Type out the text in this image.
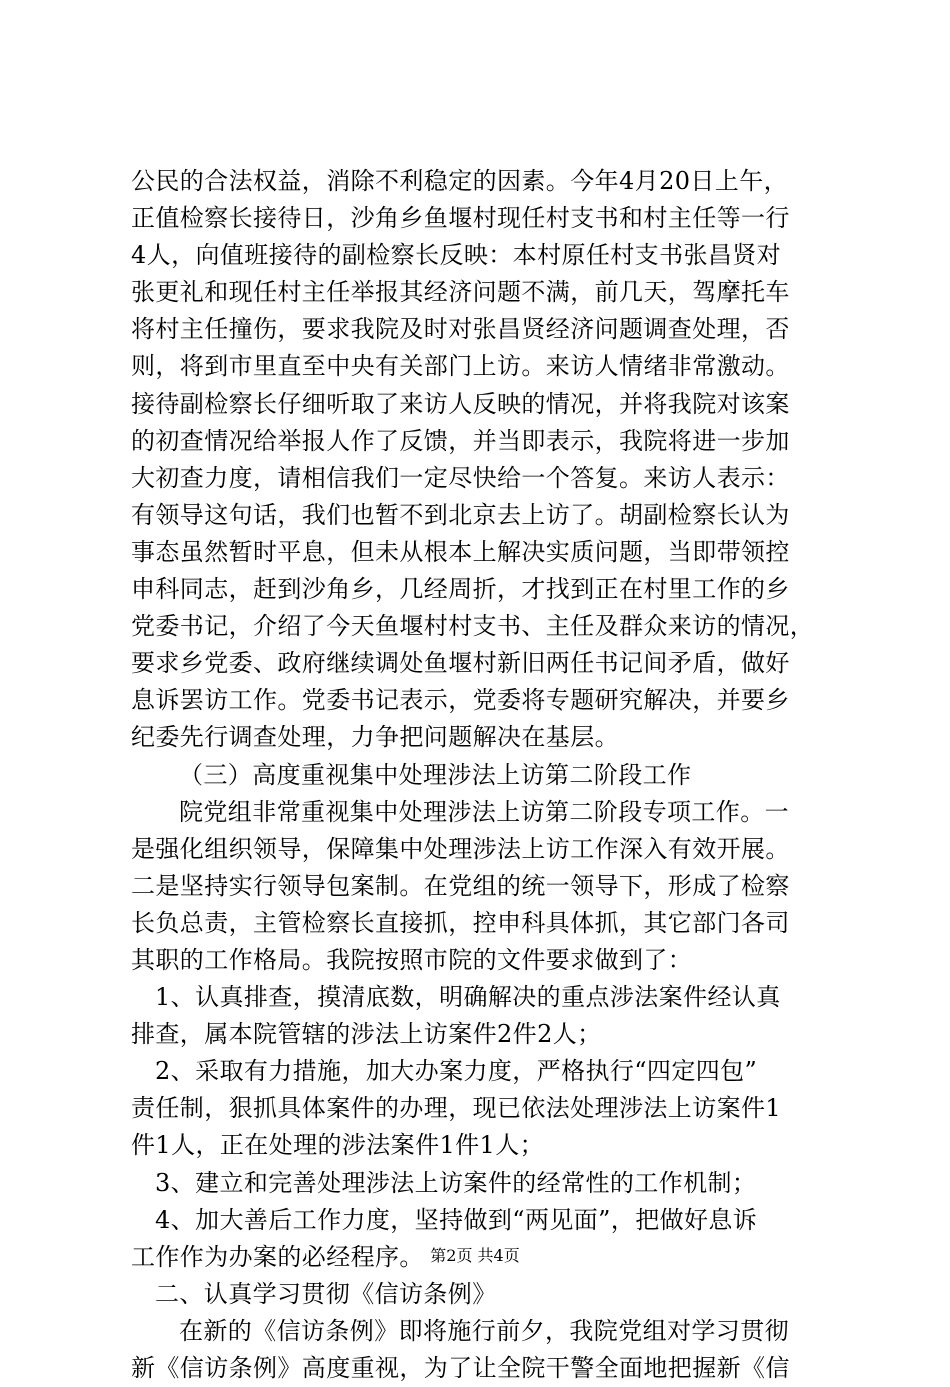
公民的合法权益，消除不利稳定的因素。今年4月20日上午，
正值检察长接待日，沙角乡鱼堰村现任村支书和村主任等一行
4人，向值班接待的副检察长反映：本村原任村支书张昌贤对
张更礼和现任村主任举报其经济问题不满，前几天，驾摩托车
将村主任撞伤，要求我院及时对张昌贤经济问题调查处理，否
则，将到市里直至中央有关部门上访。来访人情绪非常激动。
接待副检察长仔细听取了来访人反映的情况，并将我院对该案
的初查情况给举报人作了反馈，并当即表示，我院将进一步加
大初查力度，请相信我们一定尽快给一个答复。来访人表示：
有领导这句话，我们也暂不到北京去上访了。胡副检察长认为
事态虽然暂时平息，但未从根本上解决实质问题，当即带领控
申科同志，赶到沙角乡，几经周折，才找到正在村里工作的乡
党委书记，介绍了今天鱼堰村村支书、主任及群众来访的情况，
要求乡党委、政府继续调处鱼堰村新旧两任书记间矛盾，做好
息诉罢访工作。党委书记表示，党委将专题研究解决，并要乡
纪委先行调查处理，力争把问题解决在基层。
（三）高度重视集中处理涉法上访第二阶段工作
院党组非常重视集中处理涉法上访第二阶段专项工作。一
是强化组织领导，保障集中处理涉法上访工作深入有效开展。
二是坚持实行领导包案制。在党组的统一领导下，形成了检察
长负总责，主管检察长直接抓，控申科具体抓，其它部门各司
其职的工作格局。我院按照市院的文件要求做到了：
1、认真排查，摸清底数，明确解决的重点涉法案件经认真
排查，属本院管辖的涉法上访案件2件2人；
2、采取有力措施，加大办案力度，严格执行“四定四包”
责任制，狠抓具体案件的办理，现已依法处理涉法上访案件1
件1人，正在处理的涉法案件1件1人；
3、建立和完善处理涉法上访案件的经常性的工作机制；
4、加大善后工作力度，坚持做到“两见面”，把做好息诉
工作作为办案的必经程序。
二、认真学习贯彻《信访条例》
在新的《信访条例》即将施行前夕，我院党组对学习贯彻
新《信访条例》高度重视，为了让全院干警全面地把握新《信
第2页 共4页
